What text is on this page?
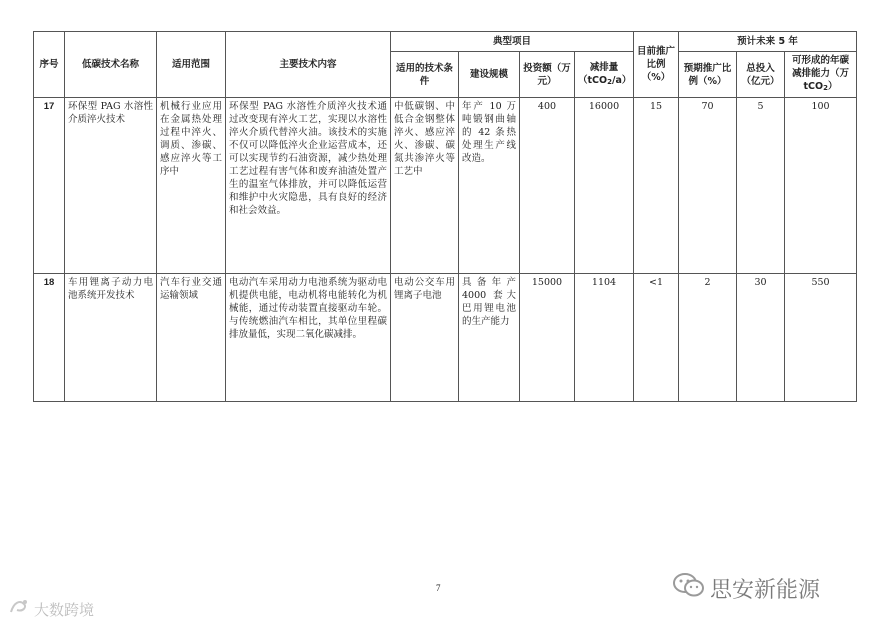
序号	低碳技术名称	适用范围	主要技术内容	典型项目				目前推广比例（%）	预计未来 5 年		
				适用的技术条件	建设规模	投资额（万元）	减排量（tCO2/a）		预期推广比例（%）	总投入（亿元）	可形成的年碳减排能力（万 tCO2）
17	环保型 PAG 水溶性介质淬火技术	机械行业应用在金属热处理过程中淬火、调质、渗碳、感应淬火等工序中	环保型 PAG 水溶性介质淬火技术通过改变现有淬火工艺，实现以水溶性淬火介质代替淬火油。该技术的实施不仅可以降低淬火企业运营成本，还可以实现节约石油资源，减少热处理工艺过程有害气体和废弃油渣处置产生的温室气体排放，并可以降低运营和维护中火灾隐患，具有良好的经济和社会效益。	中低碳钢、中低合金钢整体淬火、感应淬火、渗碳、碳氮共渗淬火等工艺中	年产 10 万吨锻钢曲轴的 42 条热处理生产线改造。	400	16000	15	70	5	100
18	车用锂离子动力电池系统开发技术	汽车行业交通运输领域	电动汽车采用动力电池系统为驱动电机提供电能，电动机将电能转化为机械能，通过传动装置直接驱动车轮。与传统燃油汽车相比，其单位里程碳排放量低，实现二氧化碳减排。	电动公交车用锂离子电池	具备年产 4000 套大巴用锂电池的生产能力	15000	1104	<1	2	30	550
7
大数跨境
思安新能源
